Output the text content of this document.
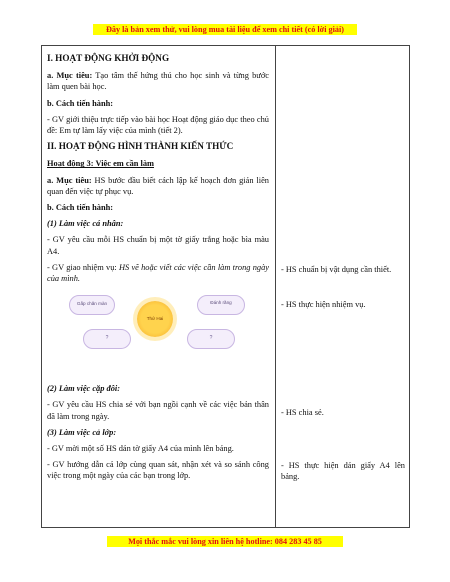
Đây là bản xem thử, vui lòng mua tài liệu để xem chi tiết (có lời giải)

I. HOẠT ĐỘNG KHỞI ĐỘNG

a. Mục tiêu: Tạo tâm thế hứng thú cho học sinh và từng bước làm quen bài học.

b. Cách tiến hành:

- GV giới thiệu trực tiếp vào bài học Hoạt động giáo dục theo chủ đề: Em tự làm lấy việc của mình (tiết 2).

II. HOẠT ĐỘNG HÌNH THÀNH KIẾN THỨC

Hoạt động 3: Việc em cần làm

a. Mục tiêu: HS bước đầu biết cách lập kế hoạch đơn giản liên quan đến việc tự phục vụ.

b. Cách tiến hành:

(1) Làm việc cá nhân:

- GV yêu cầu mỗi HS chuẩn bị một tờ giấy trắng hoặc bìa màu A4.

- GV giao nhiệm vụ: HS vẽ hoặc viết các việc cần làm trong ngày của mình.

Gấp chăn màn	Đánh răng
?	?
Thứ Hai

(2) Làm việc cặp đôi:

- GV yêu cầu HS chia sẻ với bạn ngồi cạnh về các việc bản thân đã làm trong ngày.

(3) Làm việc cả lớp:

- GV mời một số HS dán tờ giấy A4 của mình lên bảng.

- GV hướng dẫn cả lớp cùng quan sát, nhận xét và so sánh công việc trong một ngày của các bạn trong lớp.

- HS chuẩn bị vật dụng cần thiết.
- HS thực hiện nhiệm vụ.
- HS chia sẻ.
- HS thực hiện dán giấy A4 lên bảng.
Mọi thắc mắc vui lòng xin liên hệ hotline: 084 283 45 85
